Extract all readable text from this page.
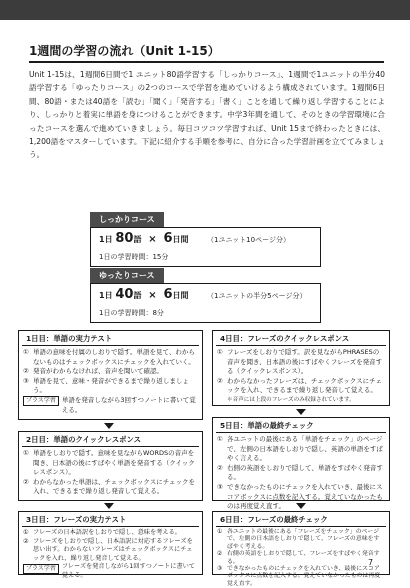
1週間の学習の流れ（Unit 1-15）
Unit 1-15は、1週間6日間で1 ユニット80語学習する「しっかりコース」、1週間で1ユニットの半分40語学習する「ゆったりコース」の2つのコースで学習を進めていけるよう構成されています。1週間6日間、80語・または40語を「読む」「聞く」「発音する」「書く」ことを通して繰り返し学習することにより、しっかりと着実に単語を身につけることができます。中学3年間を通して、そのときの学習環境に合ったコースを選んで進めていきましょう。毎日コツコツ学習すれば、Unit 15まで終わったときには、1,200語をマスターしています。下記に紹介する手順を参考に、自分に合った学習計画を立ててみましょう。
しっかりコース
1日 80語 × 6日間	（1ユニット10ページ分）
1日の学習時間：15分
ゆったりコース
1日 40語 × 6日間	（1ユニットの半分5ページ分）
1日の学習時間：8分
1日目：単語の実力テスト
① 単語の意味を付属のしおりで隠す。単語を見て、わからないものはチェックボックスにチェックを入れていく。
② 発音がわからなければ、音声を聞いて確認。
③ 単語を見て、意味・発音ができるまで繰り返しましょう。
プラス学習 単語を発音しながら3回すつノートに書いて覚える。
2日目：単語のクイックレスポンス
① 単語をしおりで隠す。意味を見ながらWORDSの音声を聞き、日本語の後にすばやく単語を発音する（クイックレスポンス）。
② わからなかった単語は、チェックボックスにチェックを入れ、できるまで繰り返し発音して覚える。
3日目：フレーズの実力テスト
① フレーズの日本語訳をしおりで隠し、意味を考える。
② フレーズをしおりで隠し、日本語訳に対応するフレーズを思い出す。わからないフレーズはチェックボックスにチェックを入れ、繰り返し発音して覚える。
プラス学習 フレーズを発音しながら1回すつノートに書いて覚える。
4日目：フレーズのクイックレスポンス
① フレーズをしおりで隠す。訳を見ながらPHRASESの音声を聞き、日本語の後にすばやくフレーズを発音する（クイックレスポンス）。
② わからなかったフレーズは、チェックボックスにチェックを入れ、できるまで繰り返し発音して覚える。
＊音声には上段のフレーズのみ収録されています。
5日目：単語の最終チェック
① 各ユニットの最後にある「単語をチェック」のページで、左側の日本語をしおりで隠し、英語の単語をすばやく言える。
② 右側の英語をしおりで隠して、単語をすばやく発音する。
③ できなかったものにチェックを入れていき、最後にスコアボックスに点数を記入する。覚えていなかったものは再度覚え直す。
6日目：フレーズの最終チェック
① 各ユニットの最後にある「フレーズをチェック」のページで、左側の日本語をしおりで隠して、フレーズの意味をすばやく考える。
② 右側の英語をしおりで隠して、フレーズをすばやく発音する。
③ できなかったものにチェックを入れていき、最後にスコアボックスに点数を記入する。覚えていなかったものは再度覚え直す。
7
